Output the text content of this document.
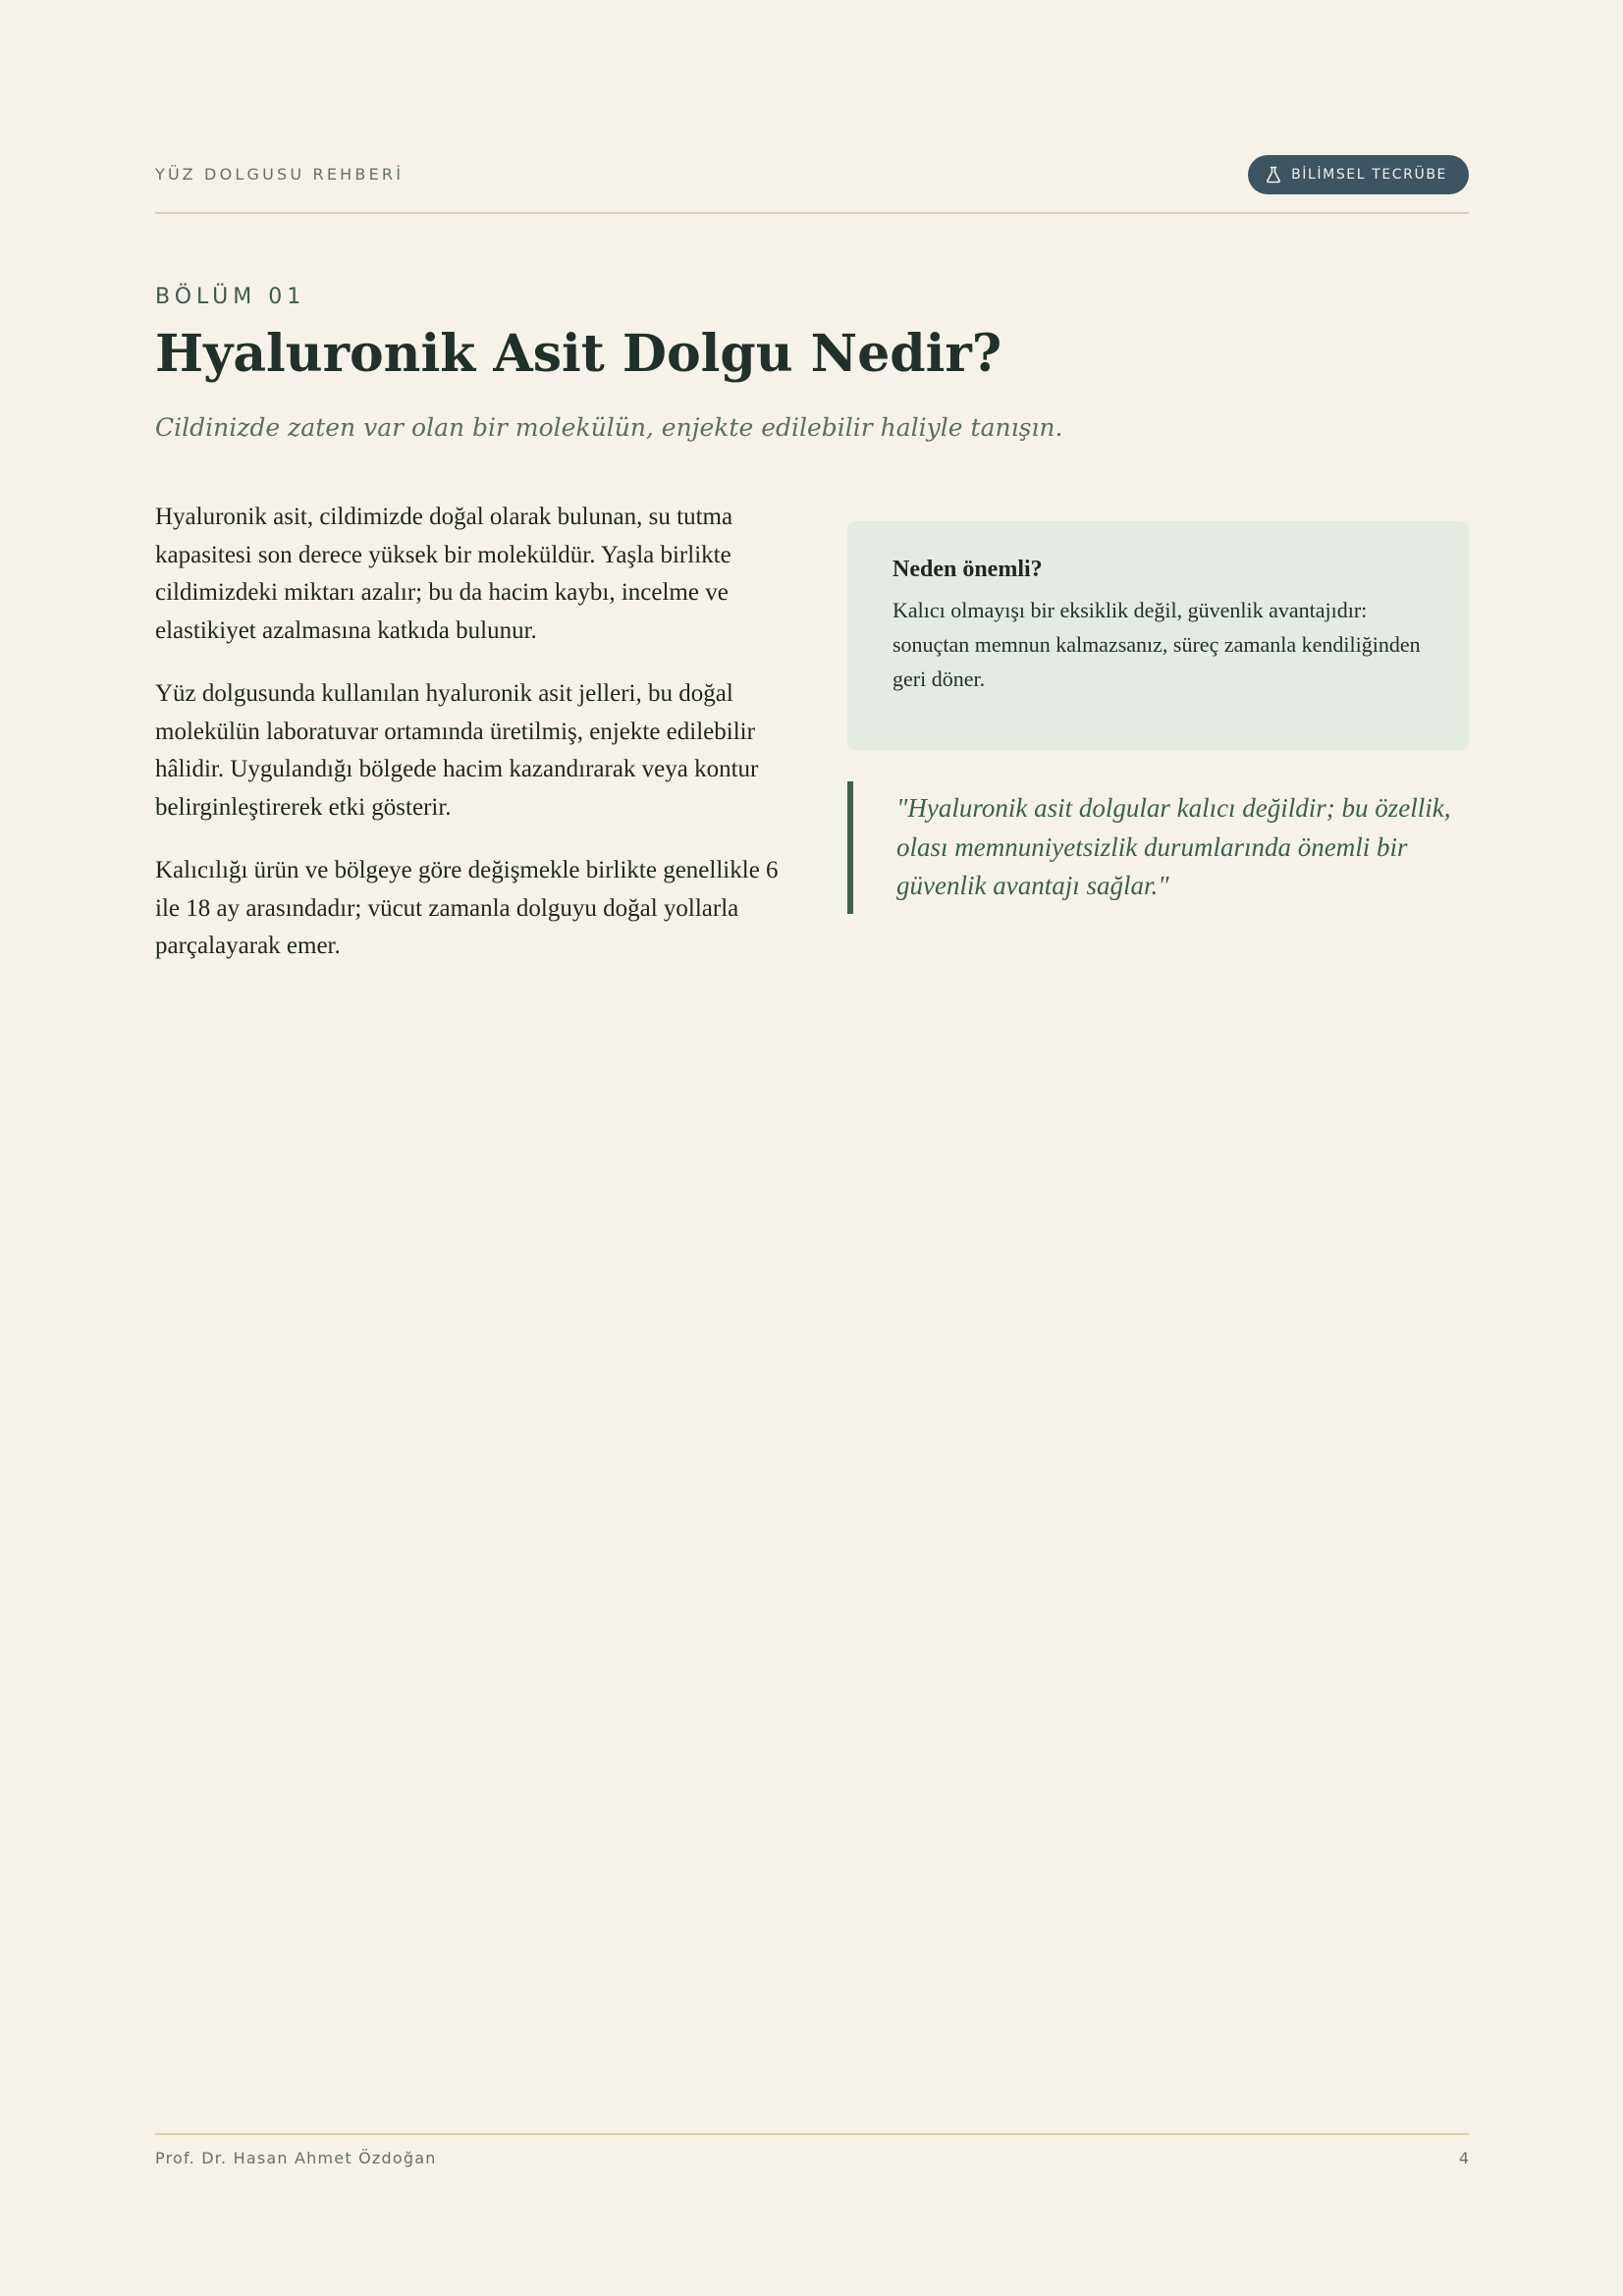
YÜZ DOLGUSU REHBERİ	BİLİMSEL TECRÜBE
BÖLÜM 01
Hyaluronik Asit Dolgu Nedir?
Cildinizde zaten var olan bir molekülün, enjekte edilebilir haliyle tanışın.

Hyaluronik asit, cildimizde doğal olarak bulunan, su tutma kapasitesi son derece yüksek bir moleküldür. Yaşla birlikte cildimizdeki miktarı azalır; bu da hacim kaybı, incelme ve elastikiyet azalmasına katkıda bulunur.

Yüz dolgusunda kullanılan hyaluronik asit jelleri, bu doğal molekülün laboratuvar ortamında üretilmiş, enjekte edilebilir hâlidir. Uygulandığı bölgede hacim kazandırarak veya kontur belirginleştirerek etki gösterir.

Kalıcılığı ürün ve bölgeye göre değişmekle birlikte genellikle 6 ile 18 ay arasındadır; vücut zamanla dolguyu doğal yollarla parçalayarak emer.

Neden önemli?

Kalıcı olmayışı bir eksiklik değil, güvenlik avantajıdır: sonuçtan memnun kalmazsanız, süreç zamanla kendiliğinden geri döner.

"Hyaluronik asit dolgular kalıcı değildir; bu özellik, olası memnuniyetsizlik durumlarında önemli bir güvenlik avantajı sağlar."
Prof. Dr. Hasan Ahmet Özdoğan	4
